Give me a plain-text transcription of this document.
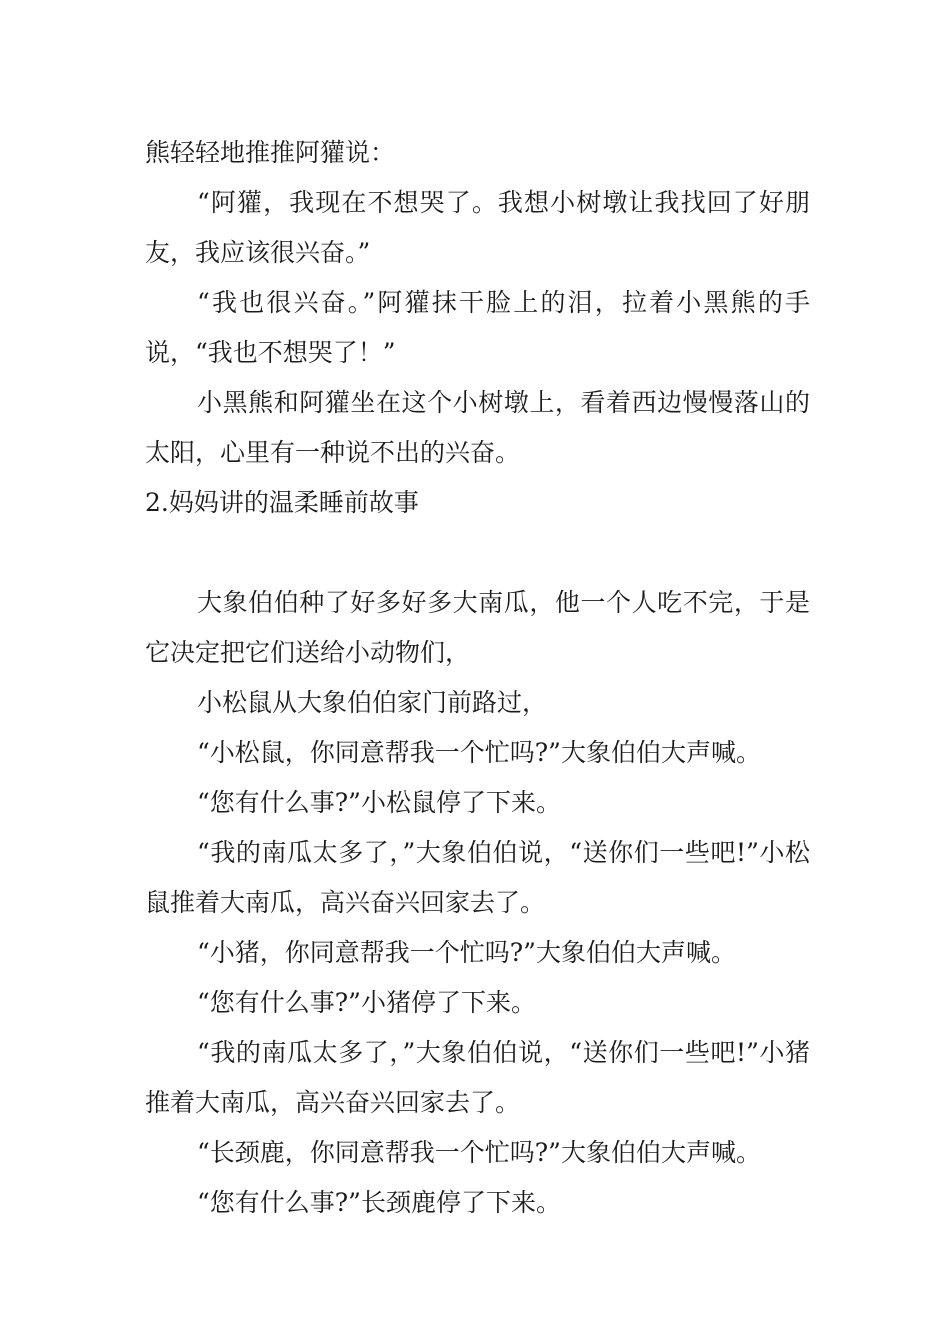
熊轻轻地推推阿獾说：

“阿獾，我现在不想哭了。我想小树墩让我找回了好朋友，我应该很兴奋。”

“我也很兴奋。”阿獾抹干脸上的泪，拉着小黑熊的手说，“我也不想哭了！”

小黑熊和阿獾坐在这个小树墩上，看着西边慢慢落山的太阳，心里有一种说不出的兴奋。

2.妈妈讲的温柔睡前故事

大象伯伯种了好多好多大南瓜，他一个人吃不完，于是它决定把它们送给小动物们，

小松鼠从大象伯伯家门前路过，

“小松鼠，你同意帮我一个忙吗?”大象伯伯大声喊。

“您有什么事?”小松鼠停了下来。

“我的南瓜太多了，”大象伯伯说，“送你们一些吧!”小松鼠推着大南瓜，高兴奋兴回家去了。

“小猪，你同意帮我一个忙吗?”大象伯伯大声喊。

“您有什么事?”小猪停了下来。

“我的南瓜太多了，”大象伯伯说，“送你们一些吧!”小猪推着大南瓜，高兴奋兴回家去了。

“长颈鹿，你同意帮我一个忙吗?”大象伯伯大声喊。

“您有什么事?”长颈鹿停了下来。
